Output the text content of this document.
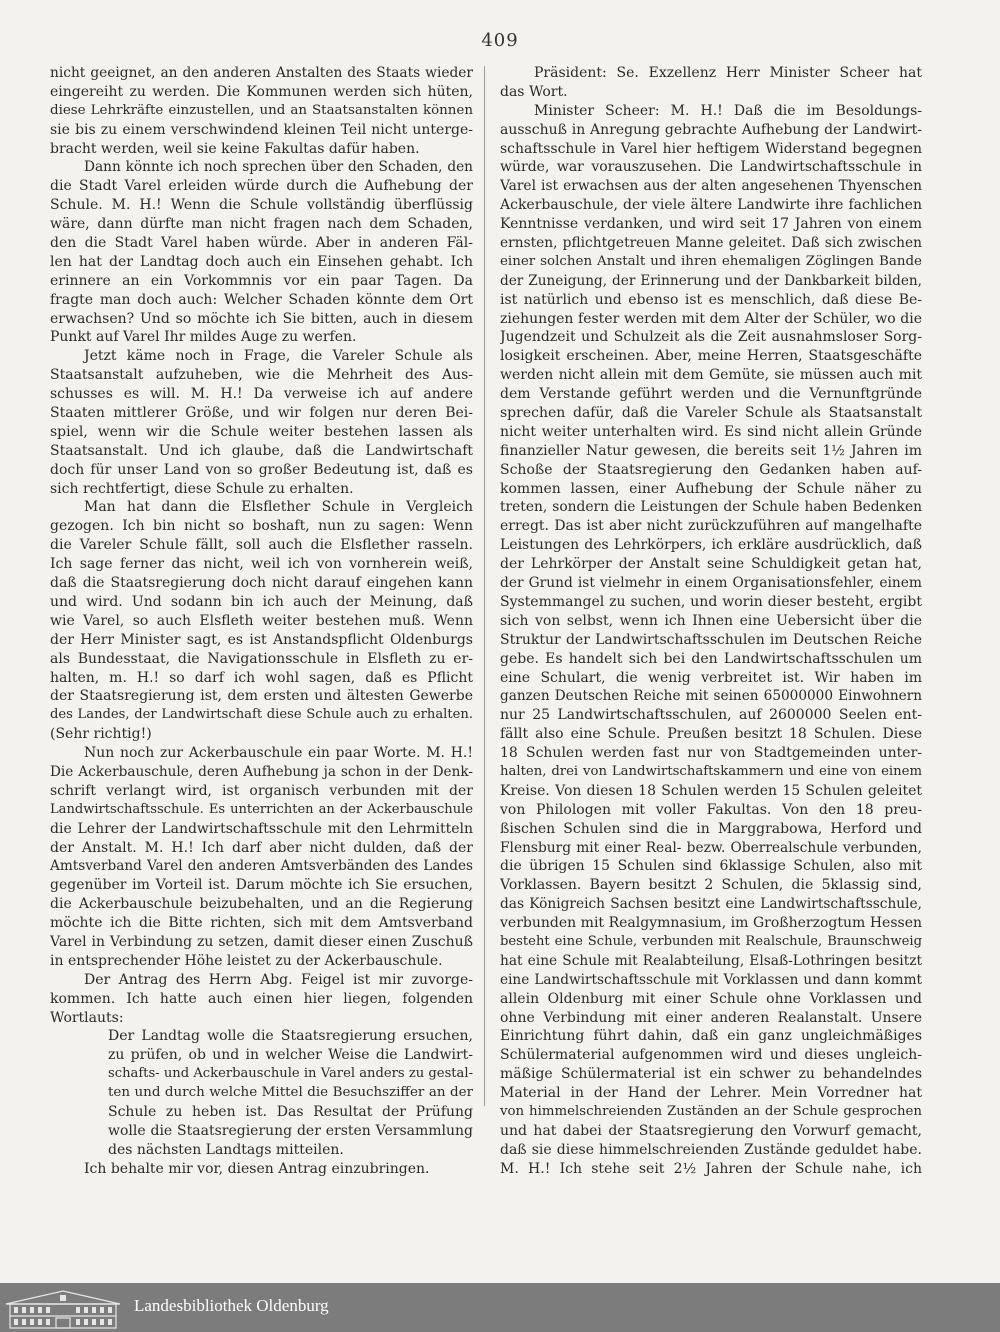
409
nicht geeignet, an den anderen Anstalten des Staats wieder
eingereiht zu werden. Die Kommunen werden sich hüten,
diese Lehrkräfte einzustellen, und an Staatsanstalten können
sie bis zu einem verschwindend kleinen Teil nicht unterge-
bracht werden, weil sie keine Fakultas dafür haben.
Dann könnte ich noch sprechen über den Schaden, den
die Stadt Varel erleiden würde durch die Aufhebung der
Schule. M. H.! Wenn die Schule vollständig überflüssig
wäre, dann dürfte man nicht fragen nach dem Schaden,
den die Stadt Varel haben würde. Aber in anderen Fäl-
len hat der Landtag doch auch ein Einsehen gehabt. Ich
erinnere an ein Vorkommnis vor ein paar Tagen. Da
fragte man doch auch: Welcher Schaden könnte dem Ort
erwachsen? Und so möchte ich Sie bitten, auch in diesem
Punkt auf Varel Ihr mildes Auge zu werfen.
Jetzt käme noch in Frage, die Vareler Schule als
Staatsanstalt aufzuheben, wie die Mehrheit des Aus-
schusses es will. M. H.! Da verweise ich auf andere
Staaten mittlerer Größe, und wir folgen nur deren Bei-
spiel, wenn wir die Schule weiter bestehen lassen als
Staatsanstalt. Und ich glaube, daß die Landwirtschaft
doch für unser Land von so großer Bedeutung ist, daß es
sich rechtfertigt, diese Schule zu erhalten.
Man hat dann die Elsflether Schule in Vergleich
gezogen. Ich bin nicht so boshaft, nun zu sagen: Wenn
die Vareler Schule fällt, soll auch die Elsflether rasseln.
Ich sage ferner das nicht, weil ich von vornherein weiß,
daß die Staatsregierung doch nicht darauf eingehen kann
und wird. Und sodann bin ich auch der Meinung, daß
wie Varel, so auch Elsfleth weiter bestehen muß. Wenn
der Herr Minister sagt, es ist Anstandspflicht Oldenburgs
als Bundesstaat, die Navigationsschule in Elsfleth zu er-
halten, m. H.! so darf ich wohl sagen, daß es Pflicht
der Staatsregierung ist, dem ersten und ältesten Gewerbe
des Landes, der Landwirtschaft diese Schule auch zu erhalten.
(Sehr richtig!)
Nun noch zur Ackerbauschule ein paar Worte. M. H.!
Die Ackerbauschule, deren Aufhebung ja schon in der Denk-
schrift verlangt wird, ist organisch verbunden mit der
Landwirtschaftsschule. Es unterrichten an der Ackerbauschule
die Lehrer der Landwirtschaftsschule mit den Lehrmitteln
der Anstalt. M. H.! Ich darf aber nicht dulden, daß der
Amtsverband Varel den anderen Amtsverbänden des Landes
gegenüber im Vorteil ist. Darum möchte ich Sie ersuchen,
die Ackerbauschule beizubehalten, und an die Regierung
möchte ich die Bitte richten, sich mit dem Amtsverband
Varel in Verbindung zu setzen, damit dieser einen Zuschuß
in entsprechender Höhe leistet zu der Ackerbauschule.
Der Antrag des Herrn Abg. Feigel ist mir zuvorge-
kommen. Ich hatte auch einen hier liegen, folgenden
Wortlauts:
Der Landtag wolle die Staatsregierung ersuchen,
zu prüfen, ob und in welcher Weise die Landwirt-
schafts- und Ackerbauschule in Varel anders zu gestal-
ten und durch welche Mittel die Besuchsziffer an der
Schule zu heben ist. Das Resultat der Prüfung
wolle die Staatsregierung der ersten Versammlung
des nächsten Landtags mitteilen.
Ich behalte mir vor, diesen Antrag einzubringen.
Präsident: Se. Exzellenz Herr Minister Scheer hat
das Wort.
Minister Scheer: M. H.! Daß die im Besoldungs-
ausschuß in Anregung gebrachte Aufhebung der Landwirt-
schaftsschule in Varel hier heftigem Widerstand begegnen
würde, war vorauszusehen. Die Landwirtschaftsschule in
Varel ist erwachsen aus der alten angesehenen Thyenschen
Ackerbauschule, der viele ältere Landwirte ihre fachlichen
Kenntnisse verdanken, und wird seit 17 Jahren von einem
ernsten, pflichtgetreuen Manne geleitet. Daß sich zwischen
einer solchen Anstalt und ihren ehemaligen Zöglingen Bande
der Zuneigung, der Erinnerung und der Dankbarkeit bilden,
ist natürlich und ebenso ist es menschlich, daß diese Be-
ziehungen fester werden mit dem Alter der Schüler, wo die
Jugendzeit und Schulzeit als die Zeit ausnahmsloser Sorg-
losigkeit erscheinen. Aber, meine Herren, Staatsgeschäfte
werden nicht allein mit dem Gemüte, sie müssen auch mit
dem Verstande geführt werden und die Vernunftgründe
sprechen dafür, daß die Vareler Schule als Staatsanstalt
nicht weiter unterhalten wird. Es sind nicht allein Gründe
finanzieller Natur gewesen, die bereits seit 1½ Jahren im
Schoße der Staatsregierung den Gedanken haben auf-
kommen lassen, einer Aufhebung der Schule näher zu
treten, sondern die Leistungen der Schule haben Bedenken
erregt. Das ist aber nicht zurückzuführen auf mangelhafte
Leistungen des Lehrkörpers, ich erkläre ausdrücklich, daß
der Lehrkörper der Anstalt seine Schuldigkeit getan hat,
der Grund ist vielmehr in einem Organisationsfehler, einem
Systemmangel zu suchen, und worin dieser besteht, ergibt
sich von selbst, wenn ich Ihnen eine Uebersicht über die
Struktur der Landwirtschaftsschulen im Deutschen Reiche
gebe. Es handelt sich bei den Landwirtschaftsschulen um
eine Schulart, die wenig verbreitet ist. Wir haben im
ganzen Deutschen Reiche mit seinen 65000000 Einwohnern
nur 25 Landwirtschaftsschulen, auf 2600000 Seelen ent-
fällt also eine Schule. Preußen besitzt 18 Schulen. Diese
18 Schulen werden fast nur von Stadtgemeinden unter-
halten, drei von Landwirtschaftskammern und eine von einem
Kreise. Von diesen 18 Schulen werden 15 Schulen geleitet
von Philologen mit voller Fakultas. Von den 18 preu-
ßischen Schulen sind die in Marggrabowa, Herford und
Flensburg mit einer Real- bezw. Oberrealschule verbunden,
die übrigen 15 Schulen sind 6klassige Schulen, also mit
Vorklassen. Bayern besitzt 2 Schulen, die 5klassig sind,
das Königreich Sachsen besitzt eine Landwirtschaftsschule,
verbunden mit Realgymnasium, im Großherzogtum Hessen
besteht eine Schule, verbunden mit Realschule, Braunschweig
hat eine Schule mit Realabteilung, Elsaß-Lothringen besitzt
eine Landwirtschaftsschule mit Vorklassen und dann kommt
allein Oldenburg mit einer Schule ohne Vorklassen und
ohne Verbindung mit einer anderen Realanstalt. Unsere
Einrichtung führt dahin, daß ein ganz ungleichmäßiges
Schülermaterial aufgenommen wird und dieses ungleich-
mäßige Schülermaterial ist ein schwer zu behandelndes
Material in der Hand der Lehrer. Mein Vorredner hat
von himmelschreienden Zuständen an der Schule gesprochen
und hat dabei der Staatsregierung den Vorwurf gemacht,
daß sie diese himmelschreienden Zustände geduldet habe.
M. H.! Ich stehe seit 2½ Jahren der Schule nahe, ich
Landesbibliothek Oldenburg
